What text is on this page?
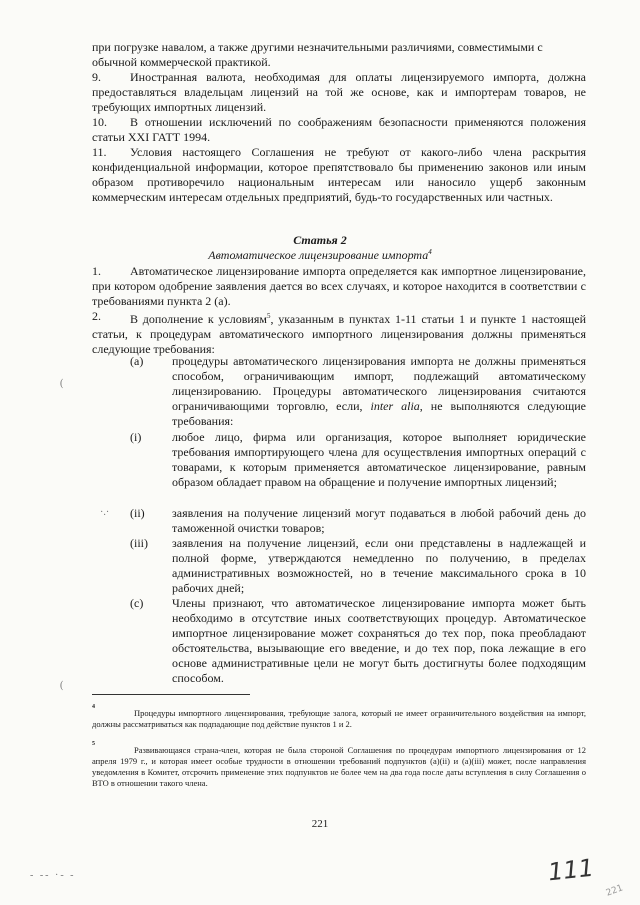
при погрузке навалом, а также другими незначительными различиями, совместимыми с
обычной коммерческой практикой.
9.	Иностранная валюта, необходимая для оплаты лицензируемого импорта, должна предоставляться владельцам лицензий на той же основе, как и импортерам товаров, не требующих импортных лицензий.
10.	В отношении исключений по соображениям безопасности применяются положения статьи XXI ГАТТ 1994.
11.	Условия настоящего Соглашения не требуют от какого-либо члена раскрытия конфиденциальной информации, которое препятствовало бы применению законов или иным образом противоречило национальным интересам или наносило ущерб законным коммерческим интересам отдельных предприятий, будь-то государственных или частных.
Статья 2
Автоматическое лицензирование импорта$^4$
1.	Автоматическое лицензирование импорта определяется как импортное лицензирование, при котором одобрение заявления дается во всех случаях, и которое находится в соответствии с требованиями пункта 2 (а).
2.	В дополнение к условиям$^5$, указанным в пунктах 1-11 статьи 1 и пункте 1 настоящей статьи, к процедурам автоматического импортного лицензирования должны применяться следующие требования:
(a) процедуры автоматического лицензирования импорта не должны применяться способом, ограничивающим импорт, подлежащий автоматическому лицензированию. Процедуры автоматического лицензирования считаются ограничивающими торговлю, если, inter alia, не выполняются следующие требования:
(i)	любое лицо, фирма или организация, которое выполняет юридические требования импортирующего члена для осуществления импортных операций с товарами, к которым применяется автоматическое лицензирование, равным образом обладает правом на обращение и получение импортных лицензий;
(ii) заявления на получение лицензий могут подаваться в любой рабочий день до таможенной очистки товаров;
(iii) заявления на получение лицензий, если они представлены в надлежащей и полной форме, утверждаются немедленно по получению, в пределах административных возможностей, но в течение максимального срока в 10 рабочих дней;
(c) Члены признают, что автоматическое лицензирование импорта может быть необходимо в отсутствие иных соответствующих процедур. Автоматическое импортное лицензирование может сохраняться до тех пор, пока преобладают обстоятельства, вызывающие его введение, и до тех пор, пока лежащие в его основе административные цели не могут быть достигнуты более подходящим способом.
4
Процедуры импортного лицензирования, требующие залога, который не имеет ограничительного воздействия на импорт, должны рассматриваться как подпадающие под действие пунктов 1 и 2.
5
Развивающаяся страна-член, которая не была стороной Соглашения по процедурам импортного лицензирования от 12 апреля 1979 г., и которая имеет особые трудности в отношении требований подпунктов (a)(ii) и (a)(iii) может, после направления уведомления в Комитет, отсрочить применение этих подпунктов не более чем на два года после даты вступления в силу Соглашения о ВТО в отношении такого члена.
221
111
221
(
(
·.·
- -- ·- -
